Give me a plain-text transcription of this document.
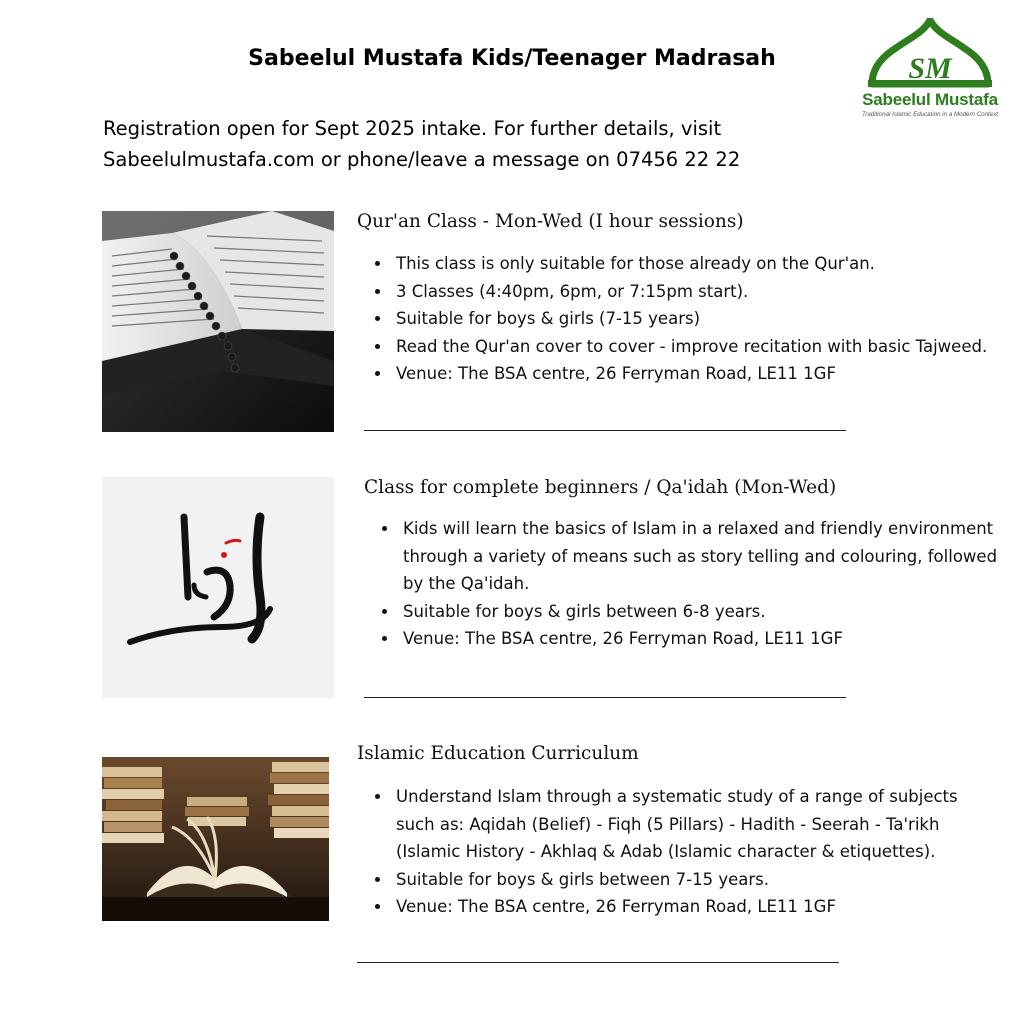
Sabeelul Mustafa Kids/Teenager Madrasah	SM
Sabeelul Mustafa
Traditional Islamic Education in a Modern Context
Registration open for Sept 2025 intake. For further details, visit
Sabeelulmustafa.com or phone/leave a message on 07456 22 22
Qur'an Class - Mon-Wed (I hour sessions)
• This class is only suitable for those already on the Qur'an.
• 3 Classes (4:40pm, 6pm, or 7:15pm start).
• Suitable for boys & girls (7-15 years)
• Read the Qur'an cover to cover - improve recitation with basic Tajweed.
• Venue: The BSA centre, 26 Ferryman Road, LE11 1GF
Class for complete beginners / Qa'idah (Mon-Wed)
• Kids will learn the basics of Islam in a relaxed and friendly environment through a variety of means such as story telling and colouring, followed by the Qa'idah.
• Suitable for boys & girls between 6-8 years.
• Venue: The BSA centre, 26 Ferryman Road, LE11 1GF
Islamic Education Curriculum
• Understand Islam through a systematic study of a range of subjects such as: Aqidah (Belief) - Fiqh (5 Pillars) - Hadith - Seerah - Ta'rikh (Islamic History - Akhlaq & Adab (Islamic character & etiquettes).
• Suitable for boys & girls between 7-15 years.
• Venue: The BSA centre, 26 Ferryman Road, LE11 1GF
